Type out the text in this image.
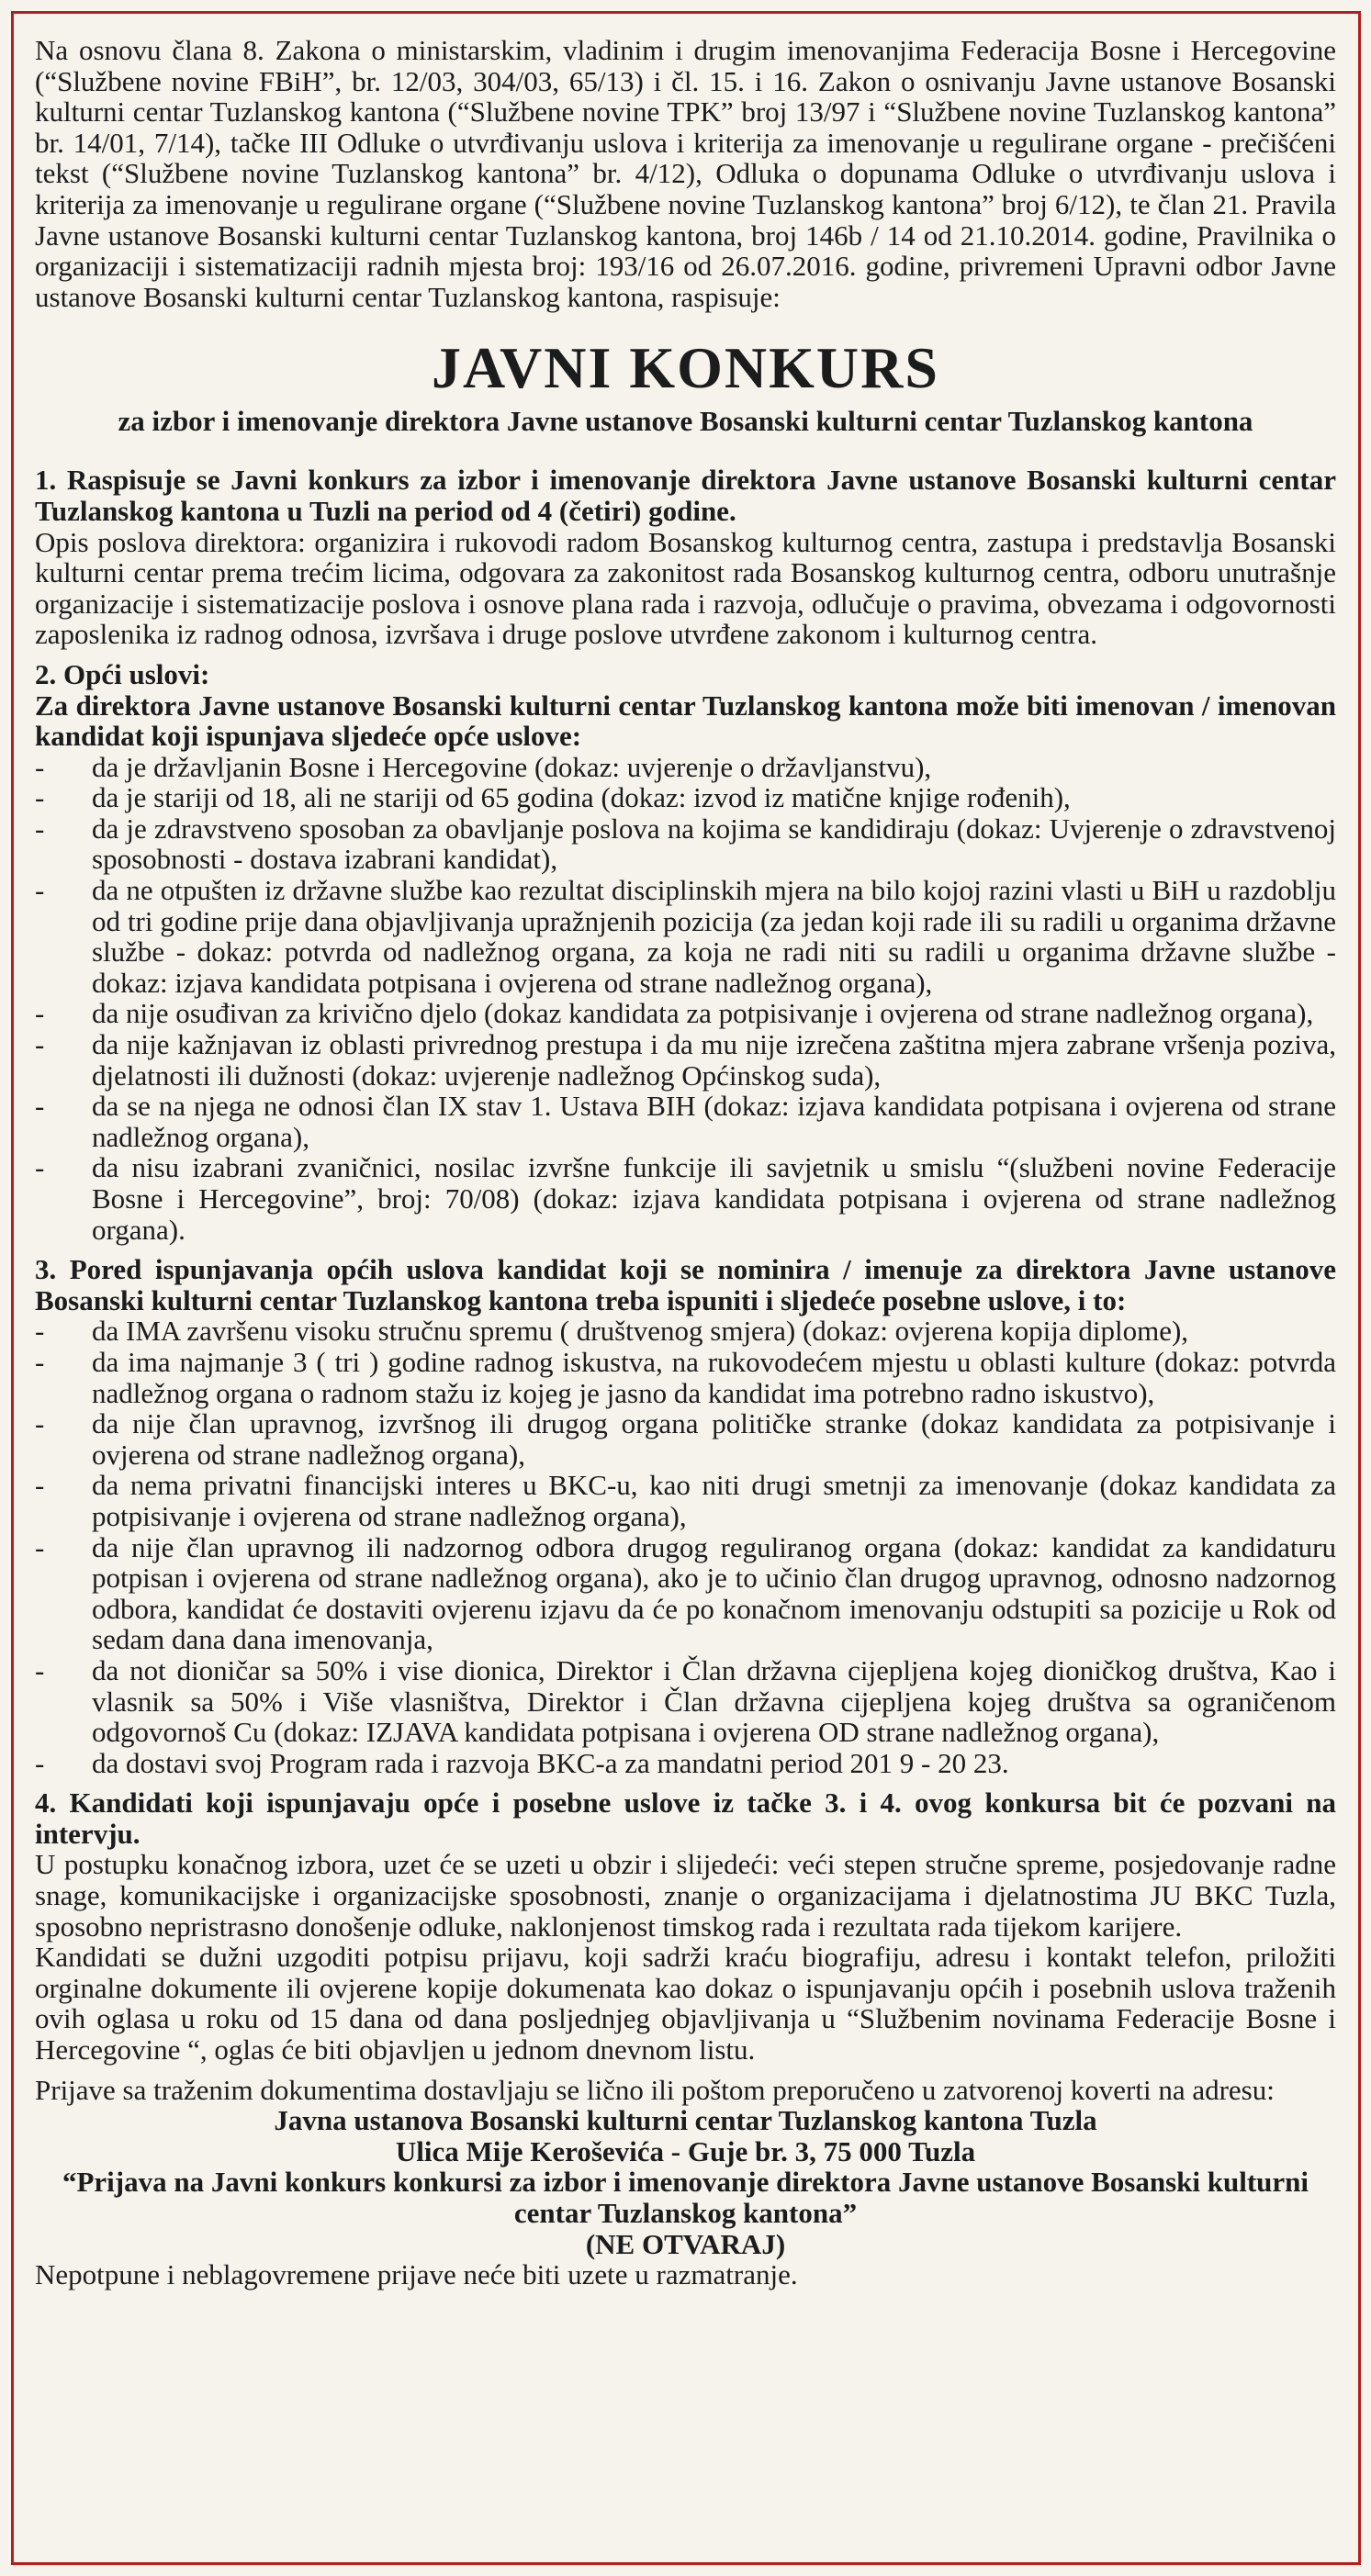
Na osnovu člana 8. Zakona o ministarskim, vladinim i drugim imenovanjima Federacija Bosne i Hercegovine (“Službene novine FBiH”, br. 12/03, 304/03, 65/13) i čl. 15. i 16. Zakon o osnivanju Javne ustanove Bosanski kulturni centar Tuzlanskog kantona (“Službene novine TPK” broj 13/97 i “Službene novine Tuzlanskog kantona” br. 14/01, 7/14), tačke III Odluke o utvrđivanju uslova i kriterija za imenovanje u regulirane organe - prečišćeni tekst (“Službene novine Tuzlanskog kantona” br. 4/12), Odluka o dopunama Odluke o utvrđivanju uslova i kriterija za imenovanje u regulirane organe (“Službene novine Tuzlanskog kantona” broj 6/12), te član 21. Pravila Javne ustanove Bosanski kulturni centar Tuzlanskog kantona, broj 146b / 14 od 21.10.2014. godine, Pravilnika o organizaciji i sistematizaciji radnih mjesta broj: 193/16 od 26.07.2016. godine, privremeni Upravni odbor Javne ustanove Bosanski kulturni centar Tuzlanskog kantona, raspisuje:

JAVNI KONKURS
za izbor i imenovanje direktora Javne ustanove Bosanski kulturni centar Tuzlanskog kantona

1. Raspisuje se Javni konkurs za izbor i imenovanje direktora Javne ustanove Bosanski kulturni centar Tuzlanskog kantona u Tuzli na period od 4 (četiri) godine.

Opis poslova direktora: organizira i rukovodi radom Bosanskog kulturnog centra, zastupa i predstavlja Bosanski kulturni centar prema trećim licima, odgovara za zakonitost rada Bosanskog kulturnog centra, odboru unutrašnje organizacije i sistematizacije poslova i osnove plana rada i razvoja, odlučuje o pravima, obvezama i odgovornosti zaposlenika iz radnog odnosa, izvršava i druge poslove utvrđene zakonom i kulturnog centra.

2. Opći uslovi:

Za direktora Javne ustanove Bosanski kulturni centar Tuzlanskog kantona može biti imenovan / imenovan kandidat koji ispunjava sljedeće opće uslove:

- da je državljanin Bosne i Hercegovine (dokaz: uvjerenje o državljanstvu),
- da je stariji od 18, ali ne stariji od 65 godina (dokaz: izvod iz matične knjige rođenih),
- da je zdravstveno sposoban za obavljanje poslova na kojima se kandidiraju (dokaz: Uvjerenje o zdravstvenoj sposobnosti - dostava izabrani kandidat),
- da ne otpušten iz državne službe kao rezultat disciplinskih mjera na bilo kojoj razini vlasti u BiH u razdoblju od tri godine prije dana objavljivanja upražnjenih pozicija (za jedan koji rade ili su radili u organima državne službe - dokaz: potvrda od nadležnog organa, za koja ne radi niti su radili u organima državne službe - dokaz: izjava kandidata potpisana i ovjerena od strane nadležnog organa),
- da nije osuđivan za krivično djelo (dokaz kandidata za potpisivanje i ovjerena od strane nadležnog organa),
- da nije kažnjavan iz oblasti privrednog prestupa i da mu nije izrečena zaštitna mjera zabrane vršenja poziva, djelatnosti ili dužnosti (dokaz: uvjerenje nadležnog Općinskog suda),
- da se na njega ne odnosi član IX stav 1. Ustava BIH (dokaz: izjava kandidata potpisana i ovjerena od strane nadležnog organa),
- da nisu izabrani zvaničnici, nosilac izvršne funkcije ili savjetnik u smislu “(službeni novine Federacije Bosne i Hercegovine”, broj: 70/08) (dokaz: izjava kandidata potpisana i ovjerena od strane nadležnog organa).

3. Pored ispunjavanja općih uslova kandidat koji se nominira / imenuje za direktora Javne ustanove Bosanski kulturni centar Tuzlanskog kantona treba ispuniti i sljedeće posebne uslove, i to:

- da IMA završenu visoku stručnu spremu ( društvenog smjera) (dokaz: ovjerena kopija diplome),
- da ima najmanje 3 ( tri ) godine radnog iskustva, na rukovodećem mjestu u oblasti kulture (dokaz: potvrda nadležnog organa o radnom stažu iz kojeg je jasno da kandidat ima potrebno radno iskustvo),
- da nije član upravnog, izvršnog ili drugog organa političke stranke (dokaz kandidata za potpisivanje i ovjerena od strane nadležnog organa),
- da nema privatni financijski interes u BKC-u, kao niti drugi smetnji za imenovanje (dokaz kandidata za potpisivanje i ovjerena od strane nadležnog organa),
- da nije član upravnog ili nadzornog odbora drugog reguliranog organa (dokaz: kandidat za kandidaturu potpisan i ovjerena od strane nadležnog organa), ako je to učinio član drugog upravnog, odnosno nadzornog odbora, kandidat će dostaviti ovjerenu izjavu da će po konačnom imenovanju odstupiti sa pozicije u Rok od sedam dana dana imenovanja,
- da not dioničar sa 50% i vise dionica, Direktor i Član državna cijepljena kojeg dioničkog društva, Kao i vlasnik sa 50% i Više vlasništva, Direktor i Član državna cijepljena kojeg društva sa ograničenom odgovornoš Cu (dokaz: IZJAVA kandidata potpisana i ovjerena OD strane nadležnog organa),
- da dostavi svoj Program rada i razvoja BKC-a za mandatni period 201 9 - 20 23.

4. Kandidati koji ispunjavaju opće i posebne uslove iz tačke 3. i 4. ovog konkursa bit će pozvani na intervju.

U postupku konačnog izbora, uzet će se uzeti u obzir i slijedeći: veći stepen stručne spreme, posjedovanje radne snage, komunikacijske i organizacijske sposobnosti, znanje o organizacijama i djelatnostima JU BKC Tuzla, sposobno nepristrasno donošenje odluke, naklonjenost timskog rada i rezultata rada tijekom karijere.

Kandidati se dužni uzgoditi potpisu prijavu, koji sadrži kraću biografiju, adresu i kontakt telefon, priložiti orginalne dokumente ili ovjerene kopije dokumenata kao dokaz o ispunjavanju općih i posebnih uslova traženih ovih oglasa u roku od 15 dana od dana posljednjeg objavljivanja u “Službenim novinama Federacije Bosne i Hercegovine “, oglas će biti objavljen u jednom dnevnom listu.

Prijave sa traženim dokumentima dostavljaju se lično ili poštom preporučeno u zatvorenoj koverti na adresu:

Javna ustanova Bosanski kulturni centar Tuzlanskog kantona Tuzla

Ulica Mije Keroševića - Guje br. 3, 75 000 Tuzla

“Prijava na Javni konkurs konkursi za izbor i imenovanje direktora Javne ustanove Bosanski kulturni centar Tuzlanskog kantona”

(NE OTVARAJ)

Nepotpune i neblagovremene prijave neće biti uzete u razmatranje.
